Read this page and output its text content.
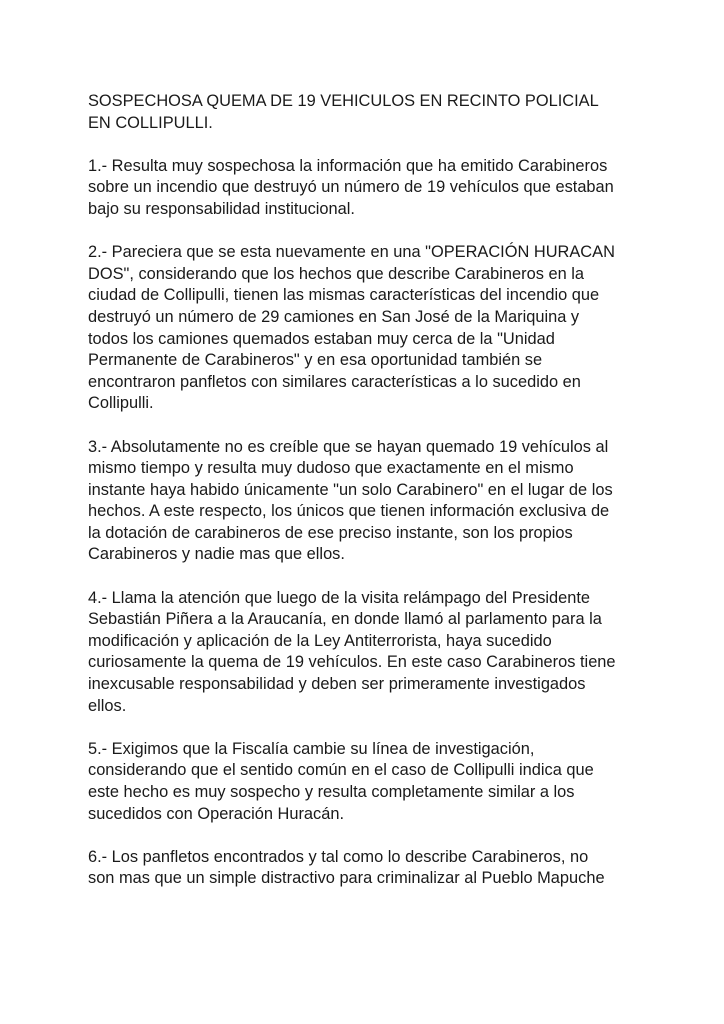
SOSPECHOSA QUEMA DE 19 VEHICULOS EN RECINTO POLICIAL
EN COLLIPULLI.
1.- Resulta muy sospechosa la información que ha emitido Carabineros
sobre un incendio que destruyó un número de 19 vehículos que estaban
bajo su responsabilidad institucional.
2.- Pareciera que se esta nuevamente en una "OPERACIÓN HURACAN
DOS", considerando que los hechos que describe Carabineros en la
ciudad de Collipulli, tienen las mismas características del incendio que
destruyó un número de 29 camiones en San José de la Mariquina y
todos los camiones quemados estaban muy cerca de la "Unidad
Permanente de Carabineros" y en esa oportunidad también se
encontraron panfletos con similares características a lo sucedido en
Collipulli.
3.- Absolutamente no es creíble que se hayan quemado 19 vehículos al
mismo tiempo y resulta muy dudoso que exactamente en el mismo
instante haya habido únicamente "un solo Carabinero" en el lugar de los
hechos. A este respecto, los únicos que tienen información exclusiva de
la dotación de carabineros de ese preciso instante, son los propios
Carabineros y nadie mas que ellos.
4.- Llama la atención que luego de la visita relámpago del Presidente
Sebastián Piñera a la Araucanía, en donde llamó al parlamento para la
modificación y aplicación de la Ley Antiterrorista, haya sucedido
curiosamente la quema de 19 vehículos. En este caso Carabineros tiene
inexcusable responsabilidad y deben ser primeramente investigados
ellos.
5.- Exigimos que la Fiscalía cambie su línea de investigación,
considerando que el sentido común en el caso de Collipulli indica que
este hecho es muy sospecho y resulta completamente similar a los
sucedidos con Operación Huracán.
6.- Los panfletos encontrados y tal como lo describe Carabineros, no
son mas que un simple distractivo para criminalizar al Pueblo Mapuche
